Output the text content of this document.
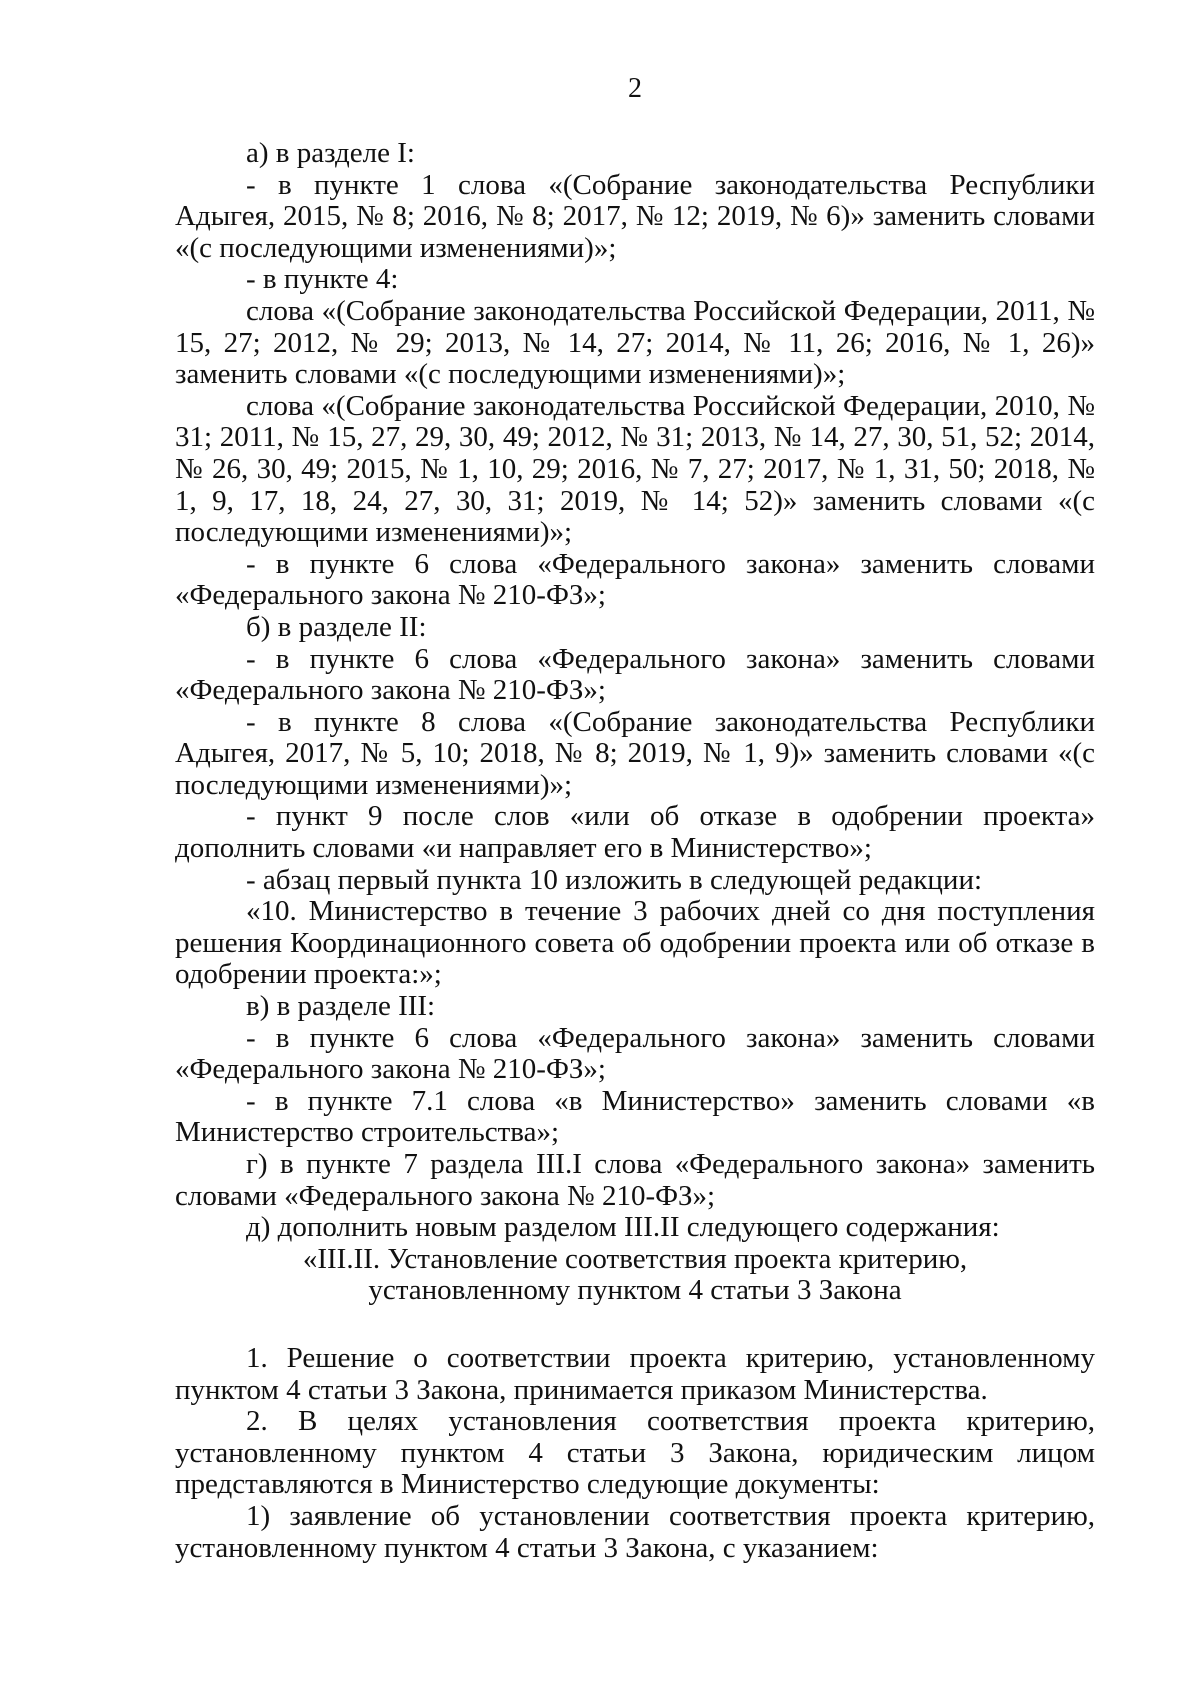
2

а) в разделе I:

- в пункте 1 слова «(Собрание законодательства Республики Адыгея, 2015, № 8; 2016, № 8; 2017, № 12; 2019, № 6)» заменить словами «(с последующими изменениями)»;

- в пункте 4:

слова «(Собрание законодательства Российской Федерации, 2011, № 15, 27; 2012, № 29; 2013, № 14, 27; 2014, № 11, 26; 2016, № 1, 26)» заменить словами «(с последующими изменениями)»;

слова «(Собрание законодательства Российской Федерации, 2010, № 31; 2011, № 15, 27, 29, 30, 49; 2012, № 31; 2013, № 14, 27, 30, 51, 52; 2014, № 26, 30, 49; 2015, № 1, 10, 29; 2016, № 7, 27; 2017, № 1, 31, 50; 2018, № 1, 9, 17, 18, 24, 27, 30, 31; 2019, № 14; 52)» заменить словами «(с последующими изменениями)»;

- в пункте 6 слова «Федерального закона» заменить словами «Федерального закона № 210-ФЗ»;

б) в разделе II:

- в пункте 6 слова «Федерального закона» заменить словами «Федерального закона № 210-ФЗ»;

- в пункте 8 слова «(Собрание законодательства Республики Адыгея, 2017, № 5, 10; 2018, № 8; 2019, № 1, 9)» заменить словами «(с последующими изменениями)»;

- пункт 9 после слов «или об отказе в одобрении проекта» дополнить словами «и направляет его в Министерство»;

- абзац первый пункта 10 изложить в следующей редакции:

«10. Министерство в течение 3 рабочих дней со дня поступления решения Координационного совета об одобрении проекта или об отказе в одобрении проекта:»;

в) в разделе III:

- в пункте 6 слова «Федерального закона» заменить словами «Федерального закона № 210-ФЗ»;

- в пункте 7.1 слова «в Министерство» заменить словами «в Министерство строительства»;

г) в пункте 7 раздела III.I слова «Федерального закона» заменить словами «Федерального закона № 210-ФЗ»;

д) дополнить новым разделом III.II следующего содержания:

«III.II. Установление соответствия проекта критерию,
установленному пунктом 4 статьи 3 Закона

1. Решение о соответствии проекта критерию, установленному пунктом 4 статьи 3 Закона, принимается приказом Министерства.

2. В целях установления соответствия проекта критерию, установленному пунктом 4 статьи 3 Закона, юридическим лицом представляются в Министерство следующие документы:

1) заявление об установлении соответствия проекта критерию, установленному пунктом 4 статьи 3 Закона, с указанием:
